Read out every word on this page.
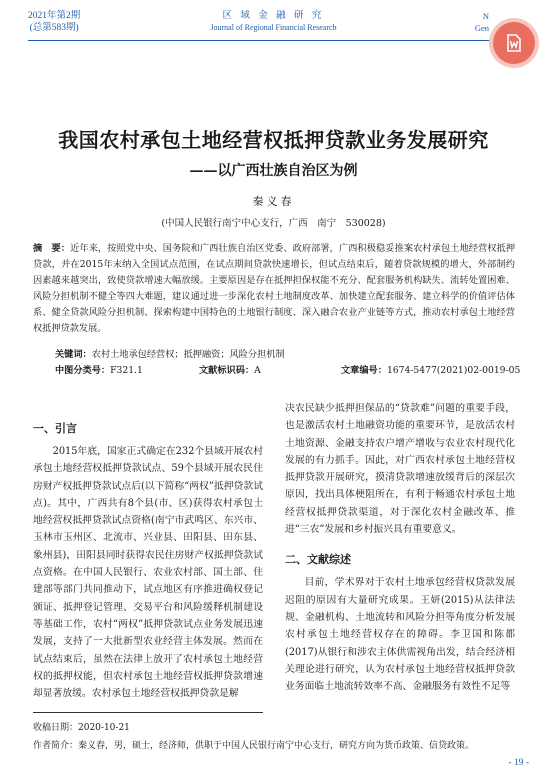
2021年第2期
(总第583期)
区 域 金 融 研 究
Journal of Regional Financial Research
N
Gen
我国农村承包土地经营权抵押贷款业务发展研究
——以广西壮族自治区为例
秦义春
(中国人民银行南宁中心支行，广西　南宁　530028)
摘　要：近年来，按照党中央、国务院和广西壮族自治区党委、政府部署，广西积极稳妥推案农村承包土地经营权抵押贷款，并在2015年末纳入全国试点范围，在试点期间贷款快速增长，但试点结束后，随着贷款规模的增大，外部制约因素越来越突出，致使贷款增速大幅放缓。主要原因是存在抵押担保权能不充分、配套服务机构缺失、流转处置困难、风险分担机制不健全等四大难题，建议通过进一步深化农村土地制度改革、加快建立配套服务、建立科学的价值评估体系、健全贷款风险分担机制、探索构建中国特色的土地银行制度、深入融合农业产业链等方式，推动农村承包土地经营权抵押贷款发展。
关键词：农村土地承包经营权；抵押融资；风险分担机制
中图分类号：F321.1	文献标识码：A	文章编号：1674-5477(2021)02-0019-05
一、引言

2015年底，国家正式确定在232个县域开展农村承包土地经营权抵押贷款试点、59个县域开展农民住房财产权抵押贷款试点后(以下简称“两权”抵押贷款试点)。其中，广西共有8个县(市、区)获得农村承包土地经营权抵押贷款试点资格(南宁市武鸣区、东兴市、玉林市玉州区、北流市、兴业县、田阳县、田东县、象州县)，田阳县同时获得农民住房财产权抵押贷款试点资格。在中国人民银行、农业农村部、国土部、住建部等部门共同推动下，试点地区有序推进确权登记颁证、抵押登记管理、交易平台和风险缓释机制建设等基础工作，农村“两权”抵押贷款试点业务发展迅速发展，支持了一大批新型农业经营主体发展。然而在试点结束后，虽然在法律上放开了农村承包土地经营权的抵押权能，但农村承包土地经营权抵押贷款增速却显著放缓。农村承包土地经营权抵押贷款是解

决农民缺少抵押担保品的“贷款难”问题的重要手段，也是激活农村土地融资功能的重要环节，是放活农村土地资源、金融支持农户增产增收与农业农村现代化发展的有力抓手。因此，对广西农村承包土地经营权抵押贷款开展研究，摸清贷款增速放缓背后的深层次原因，找出具体梗阻所在，有利于畅通农村承包土地经营权抵押贷款渠道，对于深化农村金融改革、推进“三农”发展和乡村振兴具有重要意义。

二、文献综述

目前，学术界对于农村土地承包经营权贷款发展迟阻的原因有大量研究成果。王妍(2015)从法律法规、金融机构、土地流转和风险分担等角度分析发展农村承包土地经营权存在的障碍。李卫国和陈都(2017)从银行和涉农主体供需视角出发，结合经济相关理论进行研究，认为农村承包土地经营权抵押贷款业务面临土地流转效率不高、金融服务有效性不足等

收稿日期：2020-10-21
作者简介：秦义春，男，硕士，经济师，供职于中国人民银行南宁中心支行，研究方向为货币政策、信贷政策。
- 19 -
